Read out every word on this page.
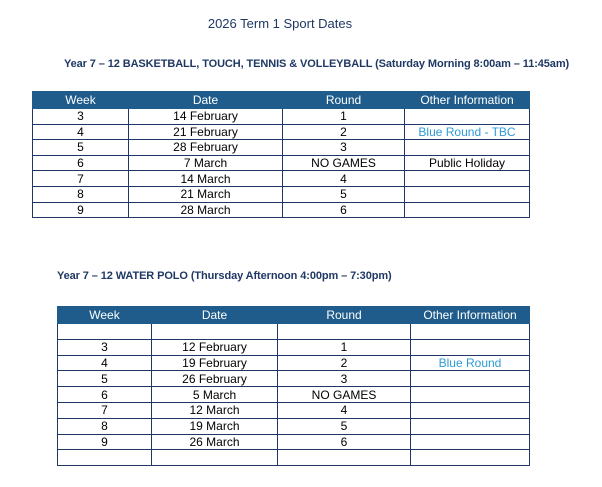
2026 Term 1 Sport Dates
Year 7 – 12 BASKETBALL, TOUCH, TENNIS & VOLLEYBALL (Saturday Morning 8:00am – 11:45am)
Week	Date	Round	Other Information
3	14 February	1	
4	21 February	2	Blue Round - TBC
5	28 February	3	
6	7 March	NO GAMES	Public Holiday
7	14 March	4	
8	21 March	5	
9	28 March	6	
Year 7 – 12 WATER POLO (Thursday Afternoon 4:00pm – 7:30pm)
Week	Date	Round	Other Information

3	12 February	1	
4	19 February	2	Blue Round
5	26 February	3	
6	5 March	NO GAMES	
7	12 March	4	
8	19 March	5	
9	26 March	6	
